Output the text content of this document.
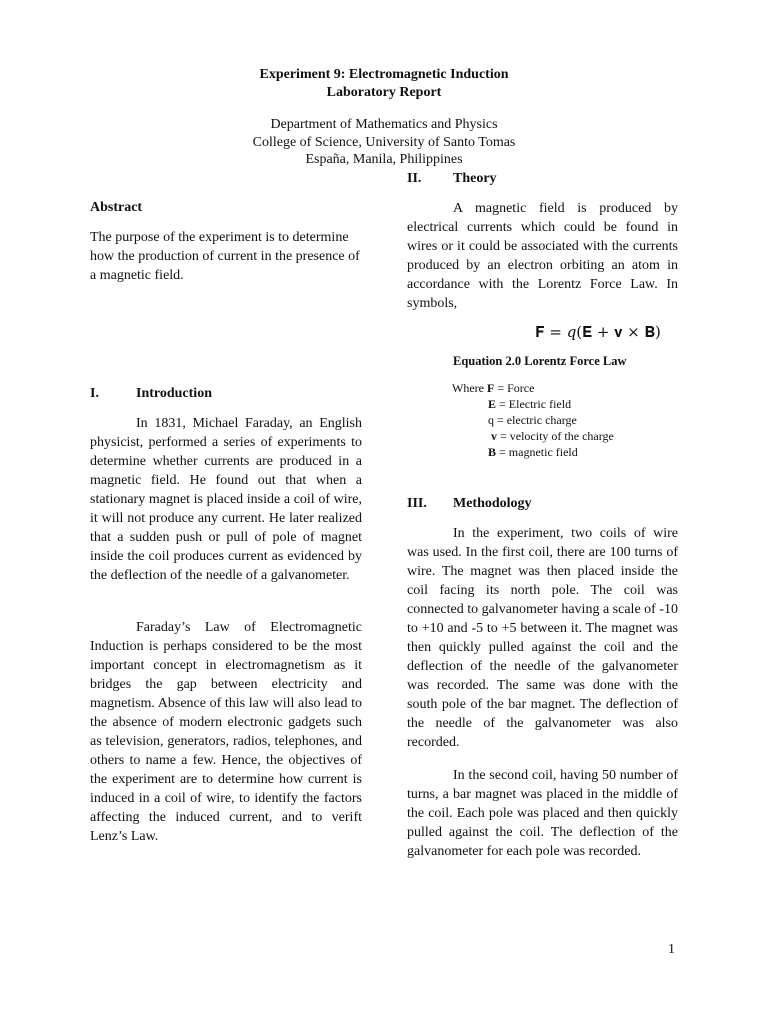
Experiment 9: Electromagnetic Induction
Laboratory Report
Department of Mathematics and Physics
College of Science, University of Santo Tomas
España, Manila, Philippines
Abstract

The purpose of the experiment is to determine how the production of current in the presence of a magnetic field.

I.	Introduction

In 1831, Michael Faraday, an English physicist, performed a series of experiments to determine whether currents are produced in a magnetic field. He found out that when a stationary magnet is placed inside a coil of wire, it will not produce any current. He later realized that a sudden push or pull of pole of magnet inside the coil produces current as evidenced by the deflection of the needle of a galvanometer.

Faraday’s Law of Electromagnetic Induction is perhaps considered to be the most important concept in electromagnetism as it bridges the gap between electricity and magnetism. Absence of this law will also lead to the absence of modern electronic gadgets such as television, generators, radios, telephones, and others to name a few. Hence, the objectives of the experiment are to determine how current is induced in a coil of wire, to identify the factors affecting the induced current, and to verift Lenz’s Law.

II. Theory

A magnetic field is produced by electrical currents which could be found in wires or it could be associated with the currents produced by an electron orbiting an atom in accordance with the Lorentz Force Law. In symbols,

𝐅 = 𝑞(𝐄 + 𝐯 × 𝐁)
Equation 2.0 Lorentz Force Law
Where F = Force
E = Electric field
q = electric charge
v = velocity of the charge
B = magnetic field
III. Methodology

In the experiment, two coils of wire was used. In the first coil, there are 100 turns of wire. The magnet was then placed inside the coil facing its north pole. The coil was connected to galvanometer having a scale of -10 to +10 and -5 to +5 between it. The magnet was then quickly pulled against the coil and the deflection of the needle of the galvanometer was recorded. The same was done with the south pole of the bar magnet. The deflection of the needle of the galvanometer was also recorded.

In the second coil, having 50 number of turns, a bar magnet was placed in the middle of the coil. Each pole was placed and then quickly pulled against the coil. The deflection of the galvanometer for each pole was recorded.

1
